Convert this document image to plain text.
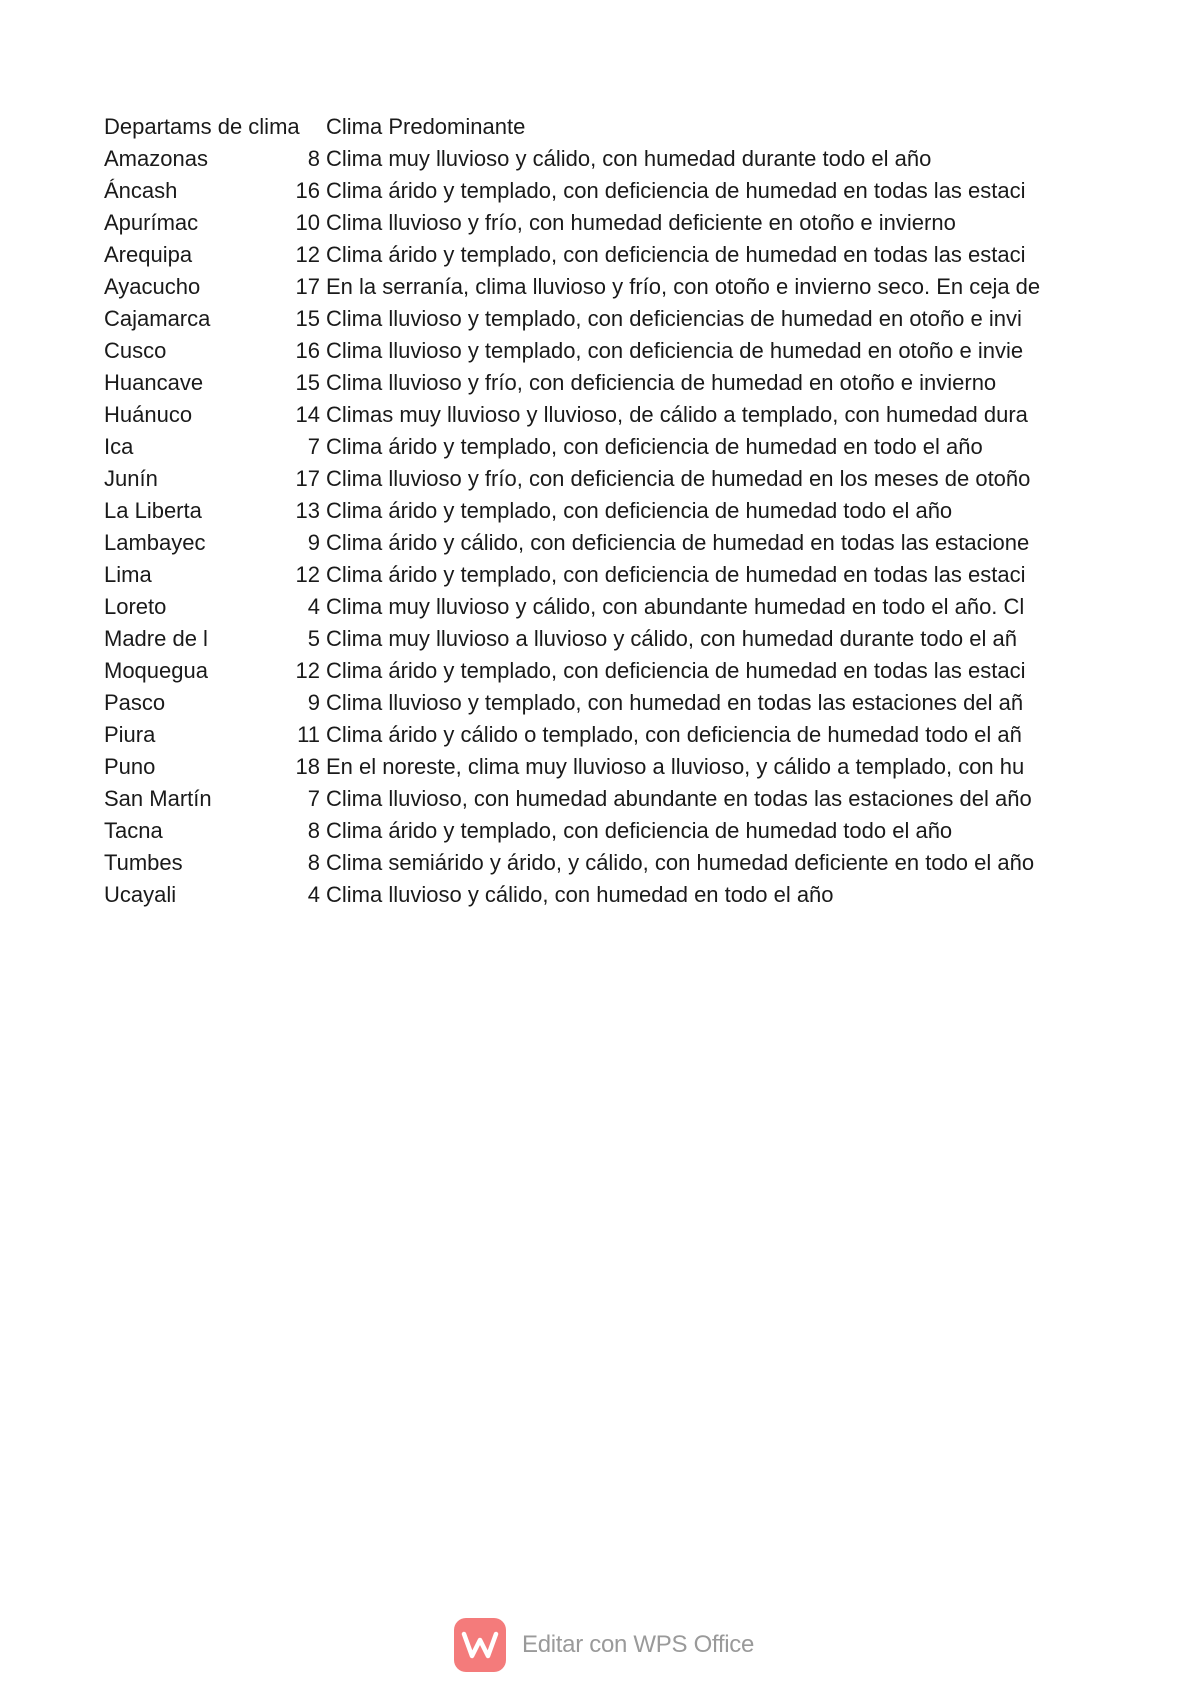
Departams de clima	Clima Predominante
Amazonas	8 Clima muy lluvioso y cálido, con humedad durante todo el año
Áncash	16 Clima árido y templado, con deficiencia de humedad en todas las estaci
Apurímac	10 Clima lluvioso y frío, con humedad deficiente en otoño e invierno
Arequipa	12 Clima árido y templado, con deficiencia de humedad en todas las estaci
Ayacucho	17 En la serranía, clima lluvioso y frío, con otoño e invierno seco. En ceja de
Cajamarca	15 Clima lluvioso y templado, con deficiencias de humedad en otoño e invi
Cusco	16 Clima lluvioso y templado, con deficiencia de humedad en otoño e invie
Huancave	15 Clima lluvioso y frío, con deficiencia de humedad en otoño e invierno
Huánuco	14 Climas muy lluvioso y lluvioso, de cálido a templado, con humedad dura
Ica	7 Clima árido y templado, con deficiencia de humedad en todo el año
Junín	17 Clima lluvioso y frío, con deficiencia de humedad en los meses de otoño
La Liberta	13 Clima árido y templado, con deficiencia de humedad todo el año
Lambayec	9 Clima árido y cálido, con deficiencia de humedad en todas las estacione
Lima	12 Clima árido y templado, con deficiencia de humedad en todas las estaci
Loreto	4 Clima muy lluvioso y cálido, con abundante humedad en todo el año. Cl
Madre de l	5 Clima muy lluvioso a lluvioso y cálido, con humedad durante todo el añ
Moquegua	12 Clima árido y templado, con deficiencia de humedad en todas las estaci
Pasco	9 Clima lluvioso y templado, con humedad en todas las estaciones del añ
Piura	11 Clima árido y cálido o templado, con deficiencia de humedad todo el añ
Puno	18 En el noreste, clima muy lluvioso a lluvioso, y cálido a templado, con hu
San Martín	7 Clima lluvioso, con humedad abundante en todas las estaciones del año
Tacna	8 Clima árido y templado, con deficiencia de humedad todo el año
Tumbes	8 Clima semiárido y árido, y cálido, con humedad deficiente en todo el año
Ucayali	4 Clima lluvioso y cálido, con humedad en todo el año
Editar con WPS Office
